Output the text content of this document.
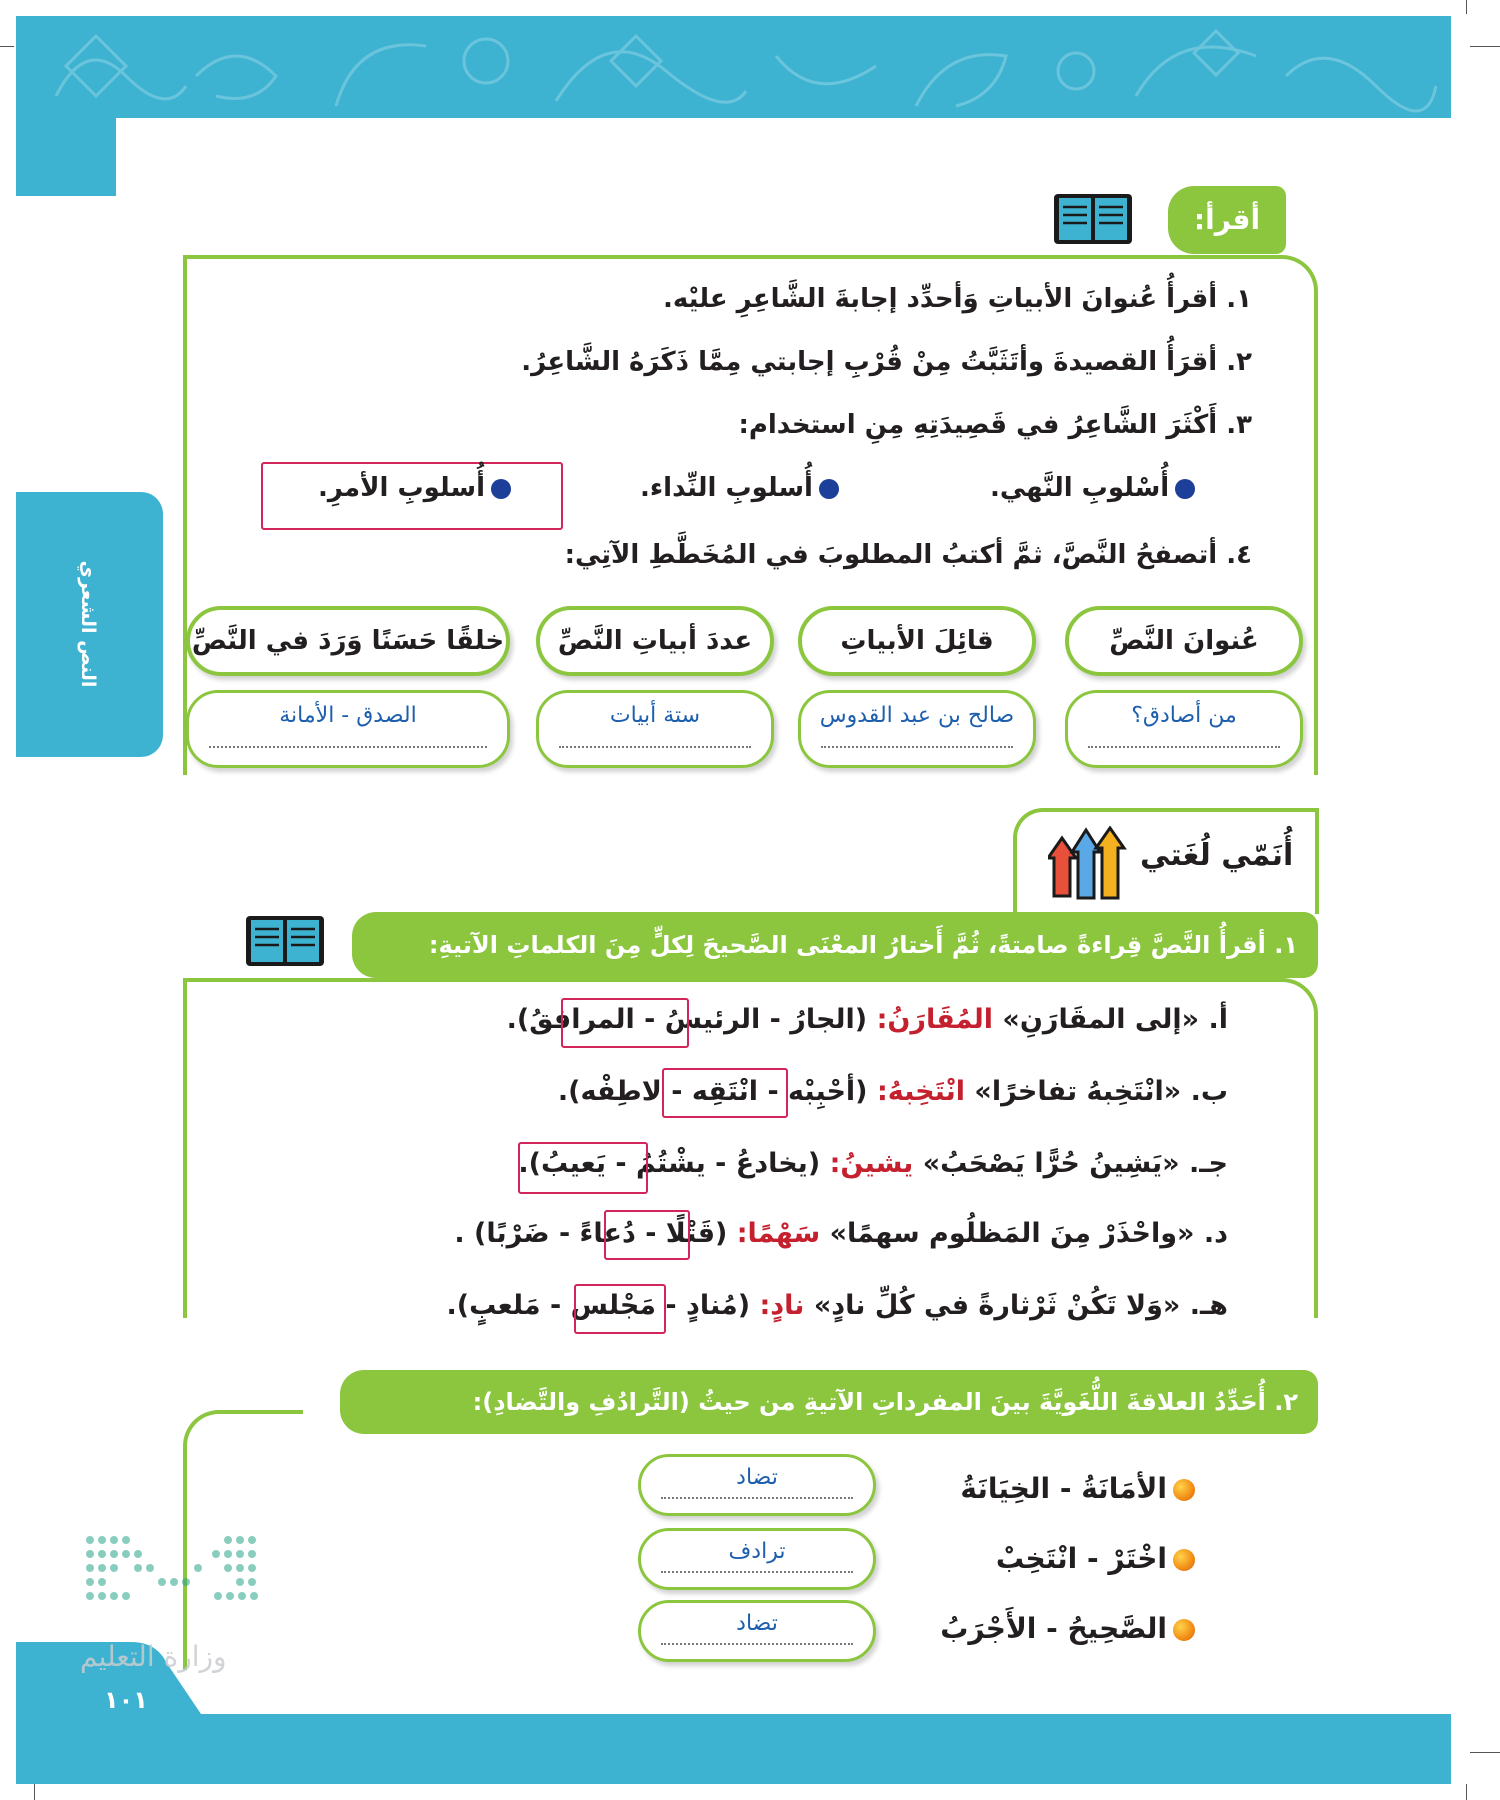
النص الشعري
أقرأ:
١. أقرأُ عُنوانَ الأبياتِ وَأحدِّد إجابةَ الشَّاعِرِ عليْه.
٢. أقرَأُ القصيدةَ وأتَثَبَّتُ مِنْ قُرْبِ إجابتي مِمَّا ذَكَرَهُ الشَّاعِرُ.
٣. أَكْثَرَ الشَّاعِرُ في قَصِيدَتِهِ مِنِ استخدام:
أُسْلوبِ النَّهي.
أُسلوبِ النِّداء.
أُسلوبِ الأمرِ.
٤. أتصفحُ النَّصَّ، ثمَّ أكتبُ المطلوبَ في المُخَطَّطِ الآتِي:
عُنوانَ النَّصِّ
قائِلَ الأبياتِ
عددَ أبياتِ النَّصِّ
خلقًا حَسَنًا وَرَدَ في النَّصِّ
من أصادق؟
صالح بن عبد القدوس
ستة أبيات
الصدق - الأمانة
أُنَمّي لُغَتي
١. أقرأُ النَّصَّ قِراءةً صامتةً، ثُمَّ أَختارُ المعْنَى الصَّحيحَ لِكلٍّ مِنَ الكلماتِ الآتيةِ:
أ. «إلى المقَارَنِ» المُقَارَنُ: (الجارُ - الرئيسُ - المرافقُ).
ب. «انْتَخِبهُ تفاخرًا» انْتَخِبهُ: (أحْبِبْه - انْتَقِه - لاطِفْه).
جـ. «يَشِينُ حُرًّا يَصْحَبُ» يشينُ: (يخادعُ - يشْتُمُ - يَعيبُ).
د. «واحْذَرْ مِنَ المَظلُوم سهمًا» سَهْمًا: (قَتْلًا - دُعاءً - ضَرْبًا) .
هـ. «وَلا تَكُنْ ثَرْثارةً في كُلِّ نادٍ» نادٍ: (مُنادٍ - مَجْلس - مَلعبٍ).
٢. أُحَدِّدُ العلاقةَ اللُّغَويَّةَ بينَ المفرداتِ الآتيةِ من حيثُ (التَّرادُفِ والتَّضادِ):
الأمَانَةُ - الخِيَانَةُ
تضاد
اخْتَرْ - انْتَخِبْ
ترادف
الصَّحِيحُ - الأَجْرَبُ
تضاد
وزارة التعليم
١٠١
